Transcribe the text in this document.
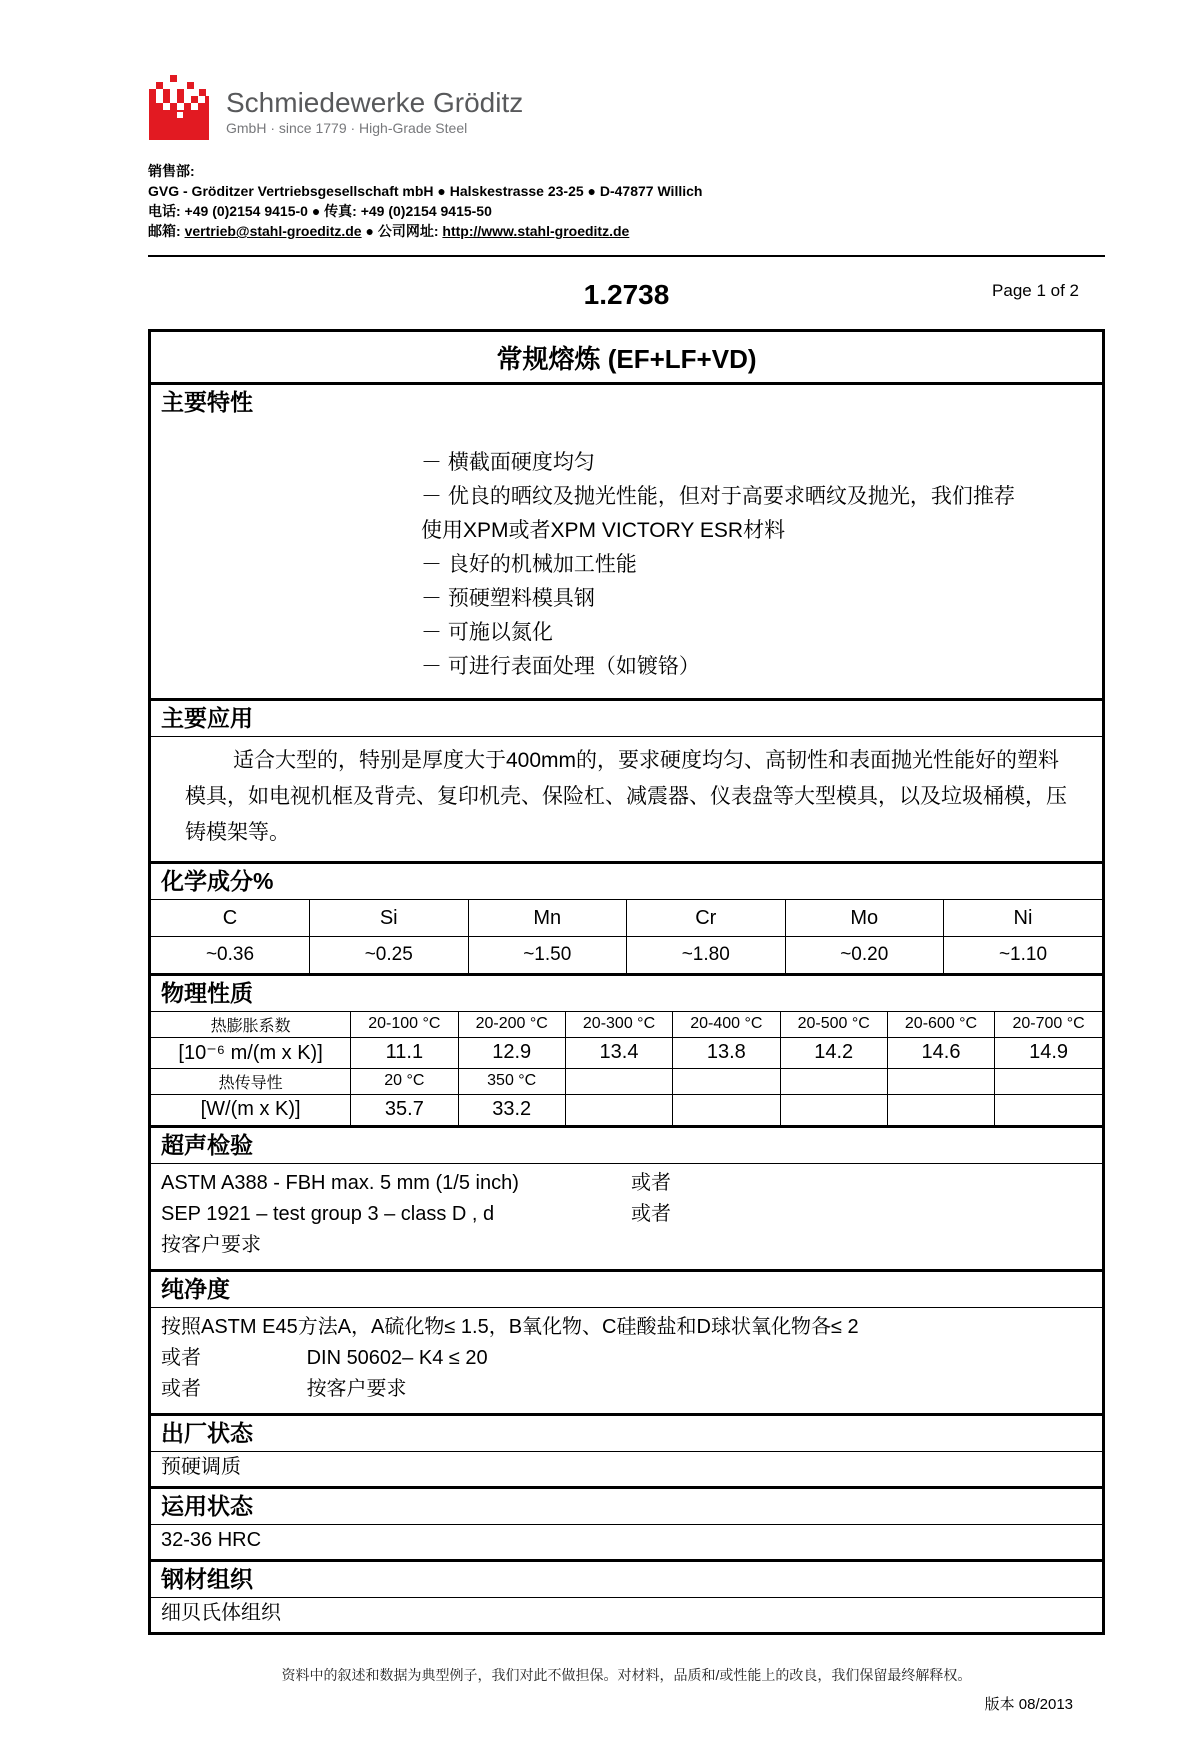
Schmiedewerke Gröditz
GmbH · since 1779 · High-Grade Steel
销售部:
GVG - Gröditzer Vertriebsgesellschaft mbH ● Halskestrasse 23-25 ● D-47877 Willich
电话: +49 (0)2154 9415-0 ● 传真: +49 (0)2154 9415-50
邮箱: vertrieb@stahl-groeditz.de ● 公司网址: http://www.stahl-groeditz.de
1.2738	Page 1 of 2
常规熔炼 (EF+LF+VD)
主要特性
－ 横截面硬度均匀
－ 优良的晒纹及抛光性能，但对于高要求晒纹及抛光，我们推荐使用XPM或者XPM VICTORY ESR材料
－ 良好的机械加工性能
－ 预硬塑料模具钢
－ 可施以氮化
－ 可进行表面处理（如镀铬）
主要应用
适合大型的，特别是厚度大于400mm的，要求硬度均匀、高韧性和表面抛光性能好的塑料模具，如电视机框及背壳、复印机壳、保险杠、减震器、仪表盘等大型模具，以及垃圾桶模，压铸模架等。
化学成分%
C	Si	Mn	Cr	Mo	Ni
~0.36	~0.25	~1.50	~1.80	~0.20	~1.10
物理性质
热膨胀系数	20-100 °C	20-200 °C	20-300 °C	20-400 °C	20-500 °C	20-600 °C	20-700 °C
[10⁻⁶ m/(m x K)]	11.1	12.9	13.4	13.8	14.2	14.6	14.9
热传导性	20 °C	350 °C					
[W/(m x K)]	35.7	33.2					
超声检验
ASTM A388 - FBH max. 5 mm (1/5 inch)	或者
SEP 1921 – test group 3 – class D , d	或者
按客户要求
纯净度
按照ASTM E45方法A，A硫化物≤ 1.5，B氧化物、C硅酸盐和D球状氧化物各≤ 2
或者	DIN 50602– K4 ≤ 20
或者	按客户要求
出厂状态
预硬调质
运用状态
32-36 HRC
钢材组织
细贝氏体组织
资料中的叙述和数据为典型例子，我们对此不做担保。对材料，品质和/或性能上的改良，我们保留最终解释权。
版本 08/2013
